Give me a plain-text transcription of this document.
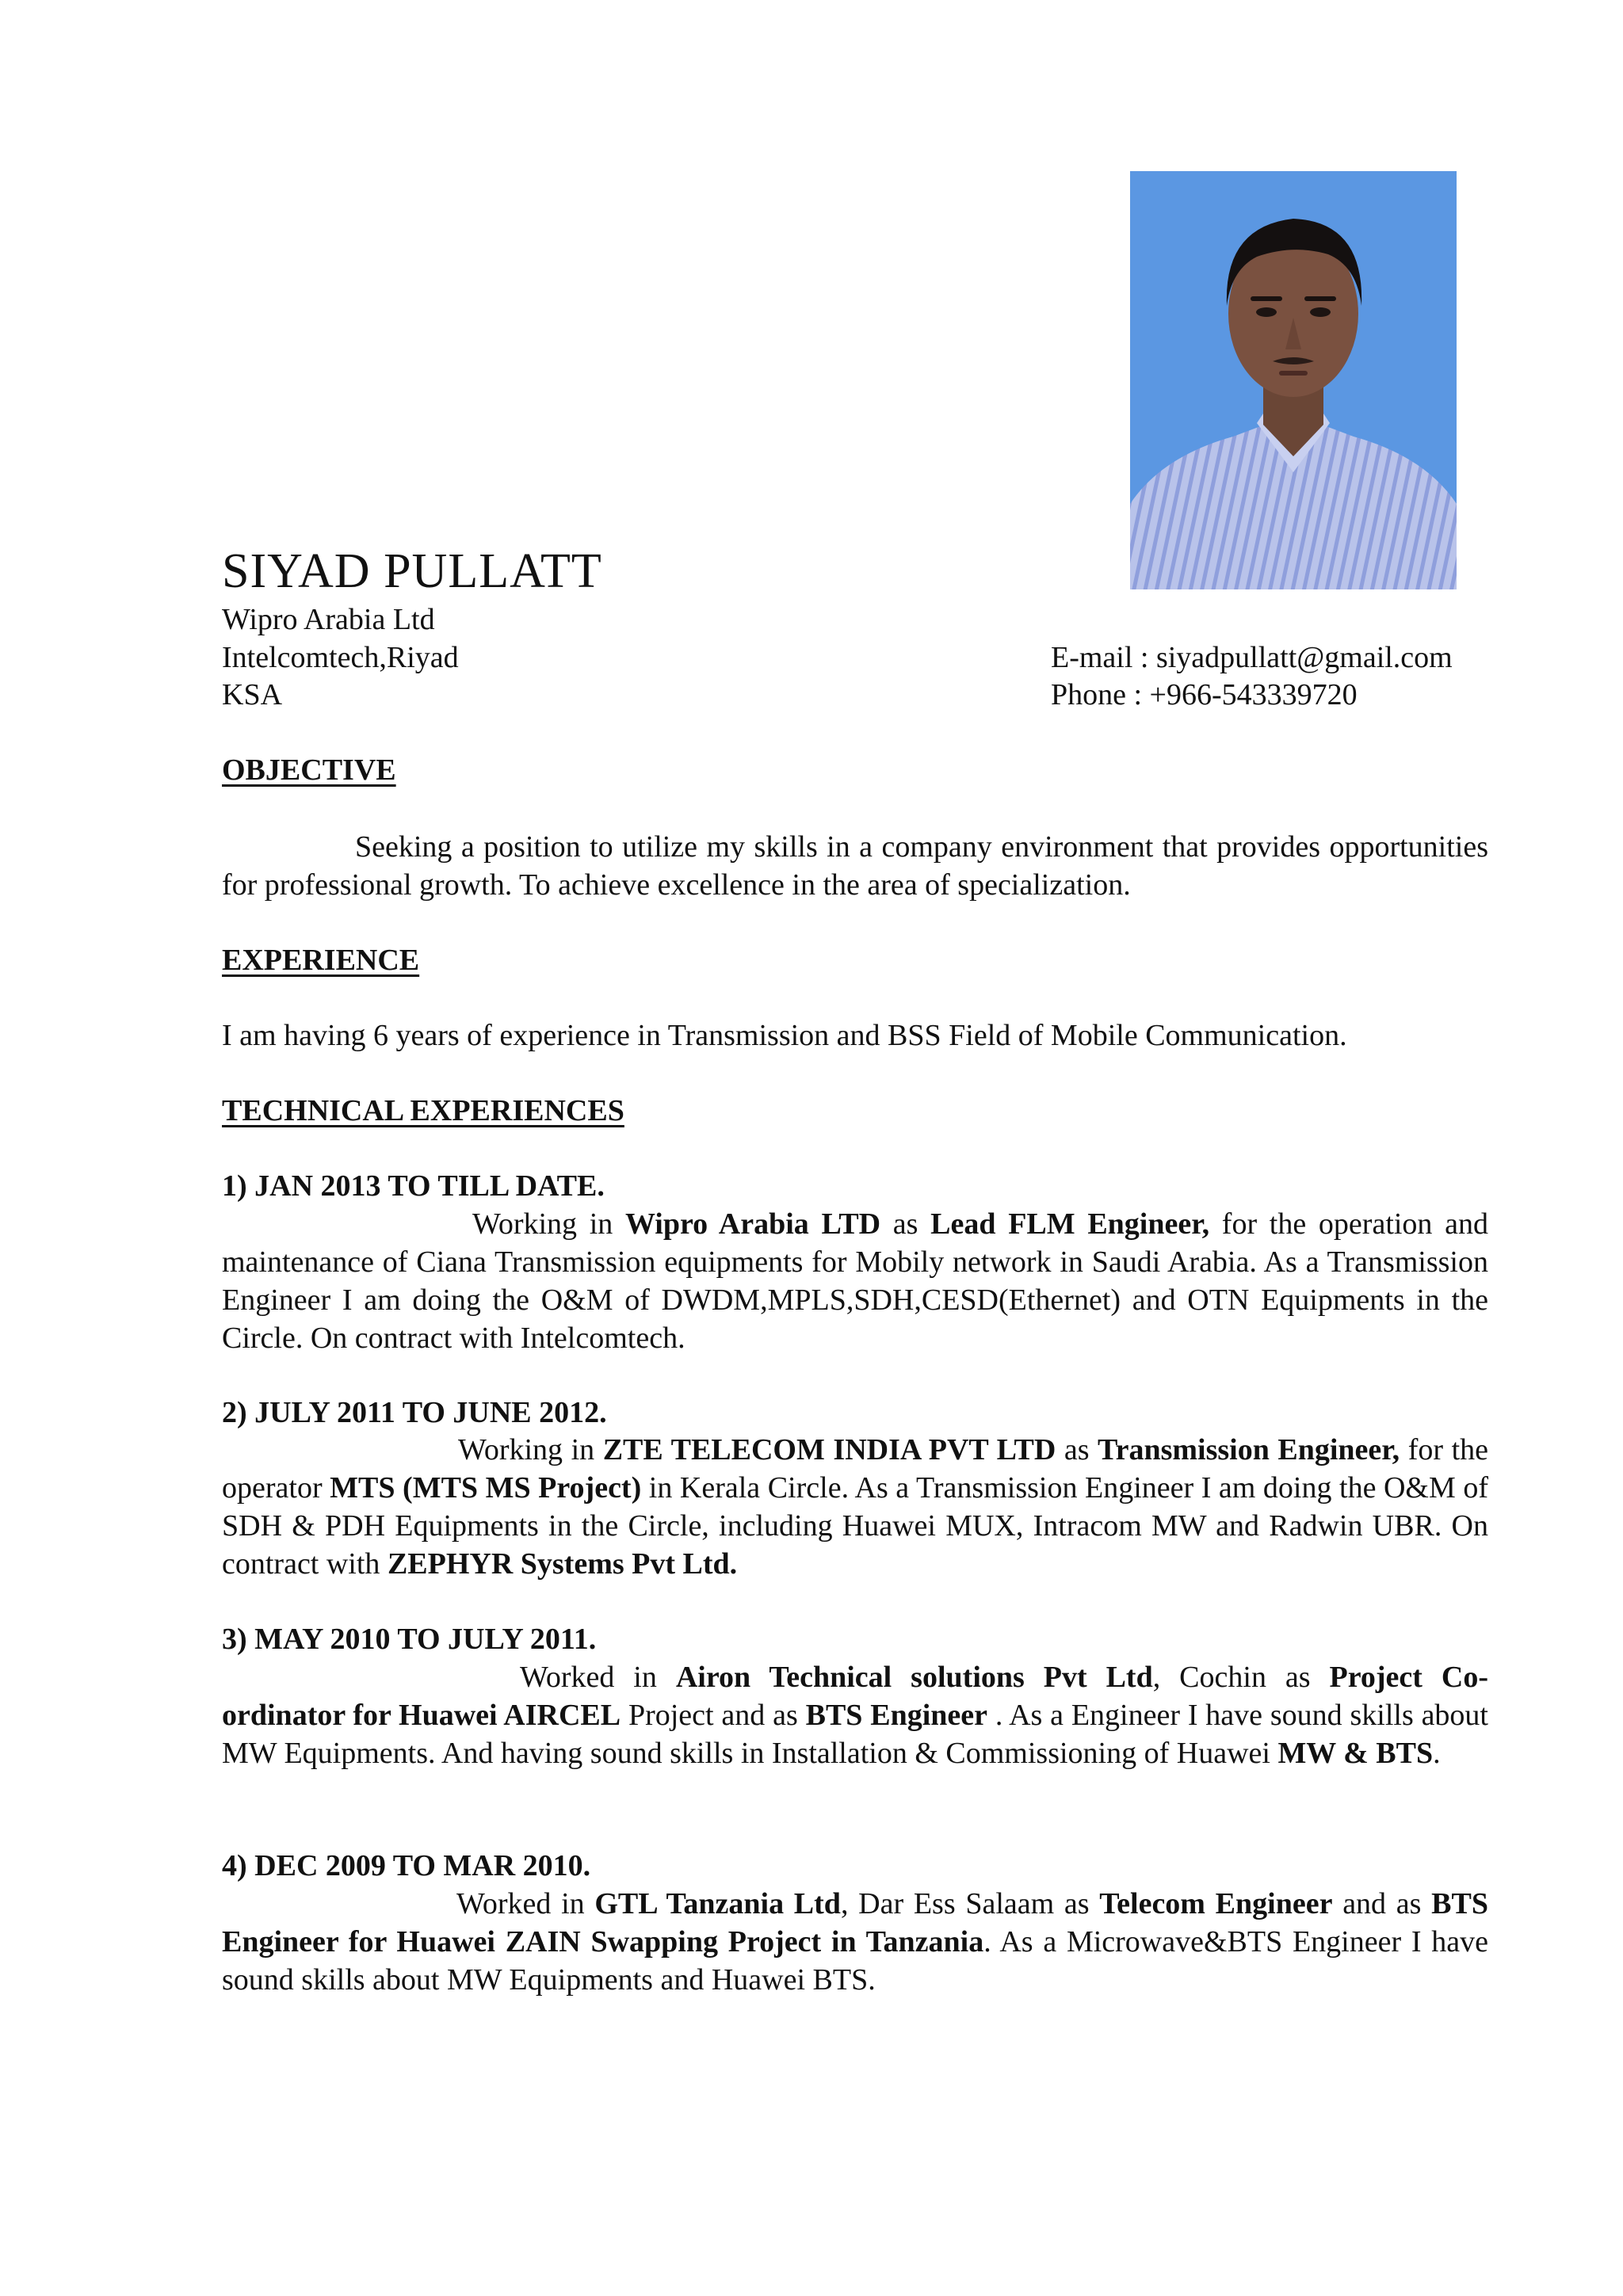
SIYAD PULLATT
Wipro Arabia Ltd
Intelcomtech,Riyad
KSA
E-mail : siyadpullatt@gmail.com
Phone : +966-543339720
OBJECTIVE
Seeking a position to utilize my skills in a company environment that provides opportunities for professional growth. To achieve excellence in the area of specialization.
EXPERIENCE
I am having 6 years of experience in Transmission and BSS Field of Mobile Communication.
TECHNICAL EXPERIENCES
1) JAN 2013 TO TILL DATE.
Working in Wipro Arabia LTD as Lead FLM Engineer, for the operation and maintenance of Ciana Transmission equipments for Mobily network in Saudi Arabia. As a Transmission Engineer I am doing the O&M of DWDM,MPLS,SDH,CESD(Ethernet) and OTN Equipments in the Circle. On contract with Intelcomtech.
2) JULY 2011 TO JUNE 2012.
Working in ZTE TELECOM INDIA PVT LTD as Transmission Engineer, for the operator MTS (MTS MS Project) in Kerala Circle. As a Transmission Engineer I am doing the O&M of SDH & PDH Equipments in the Circle, including Huawei MUX, Intracom MW and Radwin UBR. On contract with ZEPHYR Systems Pvt Ltd.
3) MAY 2010 TO JULY 2011.
Worked in Airon Technical solutions Pvt Ltd, Cochin as Project Co-ordinator for Huawei AIRCEL Project and as BTS Engineer . As a Engineer I have sound skills about MW Equipments. And having sound skills in Installation & Commissioning of Huawei MW & BTS.
4) DEC 2009 TO MAR 2010.
Worked in GTL Tanzania Ltd, Dar Ess Salaam as Telecom Engineer and as BTS Engineer for Huawei ZAIN Swapping Project in Tanzania. As a Microwave&BTS Engineer I have sound skills about MW Equipments and Huawei BTS.
